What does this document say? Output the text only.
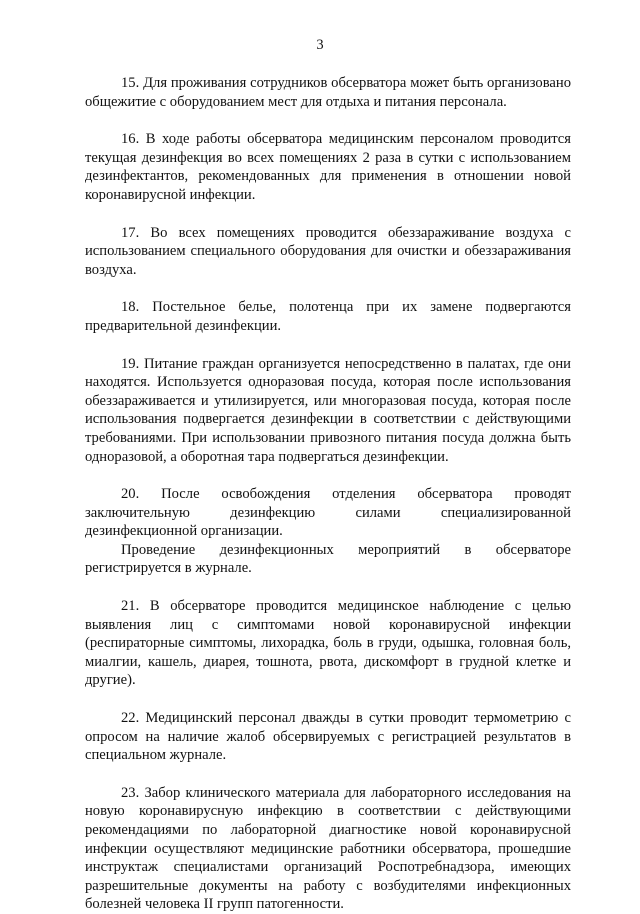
3

15. Для проживания сотрудников обсерватора может быть организовано общежитие с оборудованием мест для отдыха и питания персонала.

16. В ходе работы обсерватора медицинским персоналом проводится текущая дезинфекция во всех помещениях 2 раза в сутки с использованием дезинфектантов, рекомендованных для применения в отношении новой коронавирусной инфекции.

17. Во всех помещениях проводится обеззараживание воздуха с использованием специального оборудования для очистки и обеззараживания воздуха.

18. Постельное белье, полотенца при их замене подвергаются предварительной дезинфекции.

19. Питание граждан организуется непосредственно в палатах, где они находятся. Используется одноразовая посуда, которая после использования обеззараживается и утилизируется, или многоразовая посуда, которая после использования подвергается дезинфекции в соответствии с действующими требованиями. При использовании привозного питания посуда должна быть одноразовой, а оборотная тара подвергаться дезинфекции.

20. После освобождения отделения обсерватора проводят заключительную дезинфекцию силами специализированной дезинфекционной организации.

Проведение дезинфекционных мероприятий в обсерваторе регистрируется в журнале.

21. В обсерваторе проводится медицинское наблюдение с целью выявления лиц с симптомами новой коронавирусной инфекции (респираторные симптомы, лихорадка, боль в груди, одышка, головная боль, миалгии, кашель, диарея, тошнота, рвота, дискомфорт в грудной клетке и другие).

22. Медицинский персонал дважды в сутки проводит термометрию с опросом на наличие жалоб обсервируемых с регистрацией результатов в специальном журнале.

23. Забор клинического материала для лабораторного исследования на новую коронавирусную инфекцию в соответствии с действующими рекомендациями по лабораторной диагностике новой коронавирусной инфекции осуществляют медицинские работники обсерватора, прошедшие инструктаж специалистами организаций Роспотребнадзора, имеющих разрешительные документы на работу с возбудителями инфекционных болезней человека II групп патогенности.
